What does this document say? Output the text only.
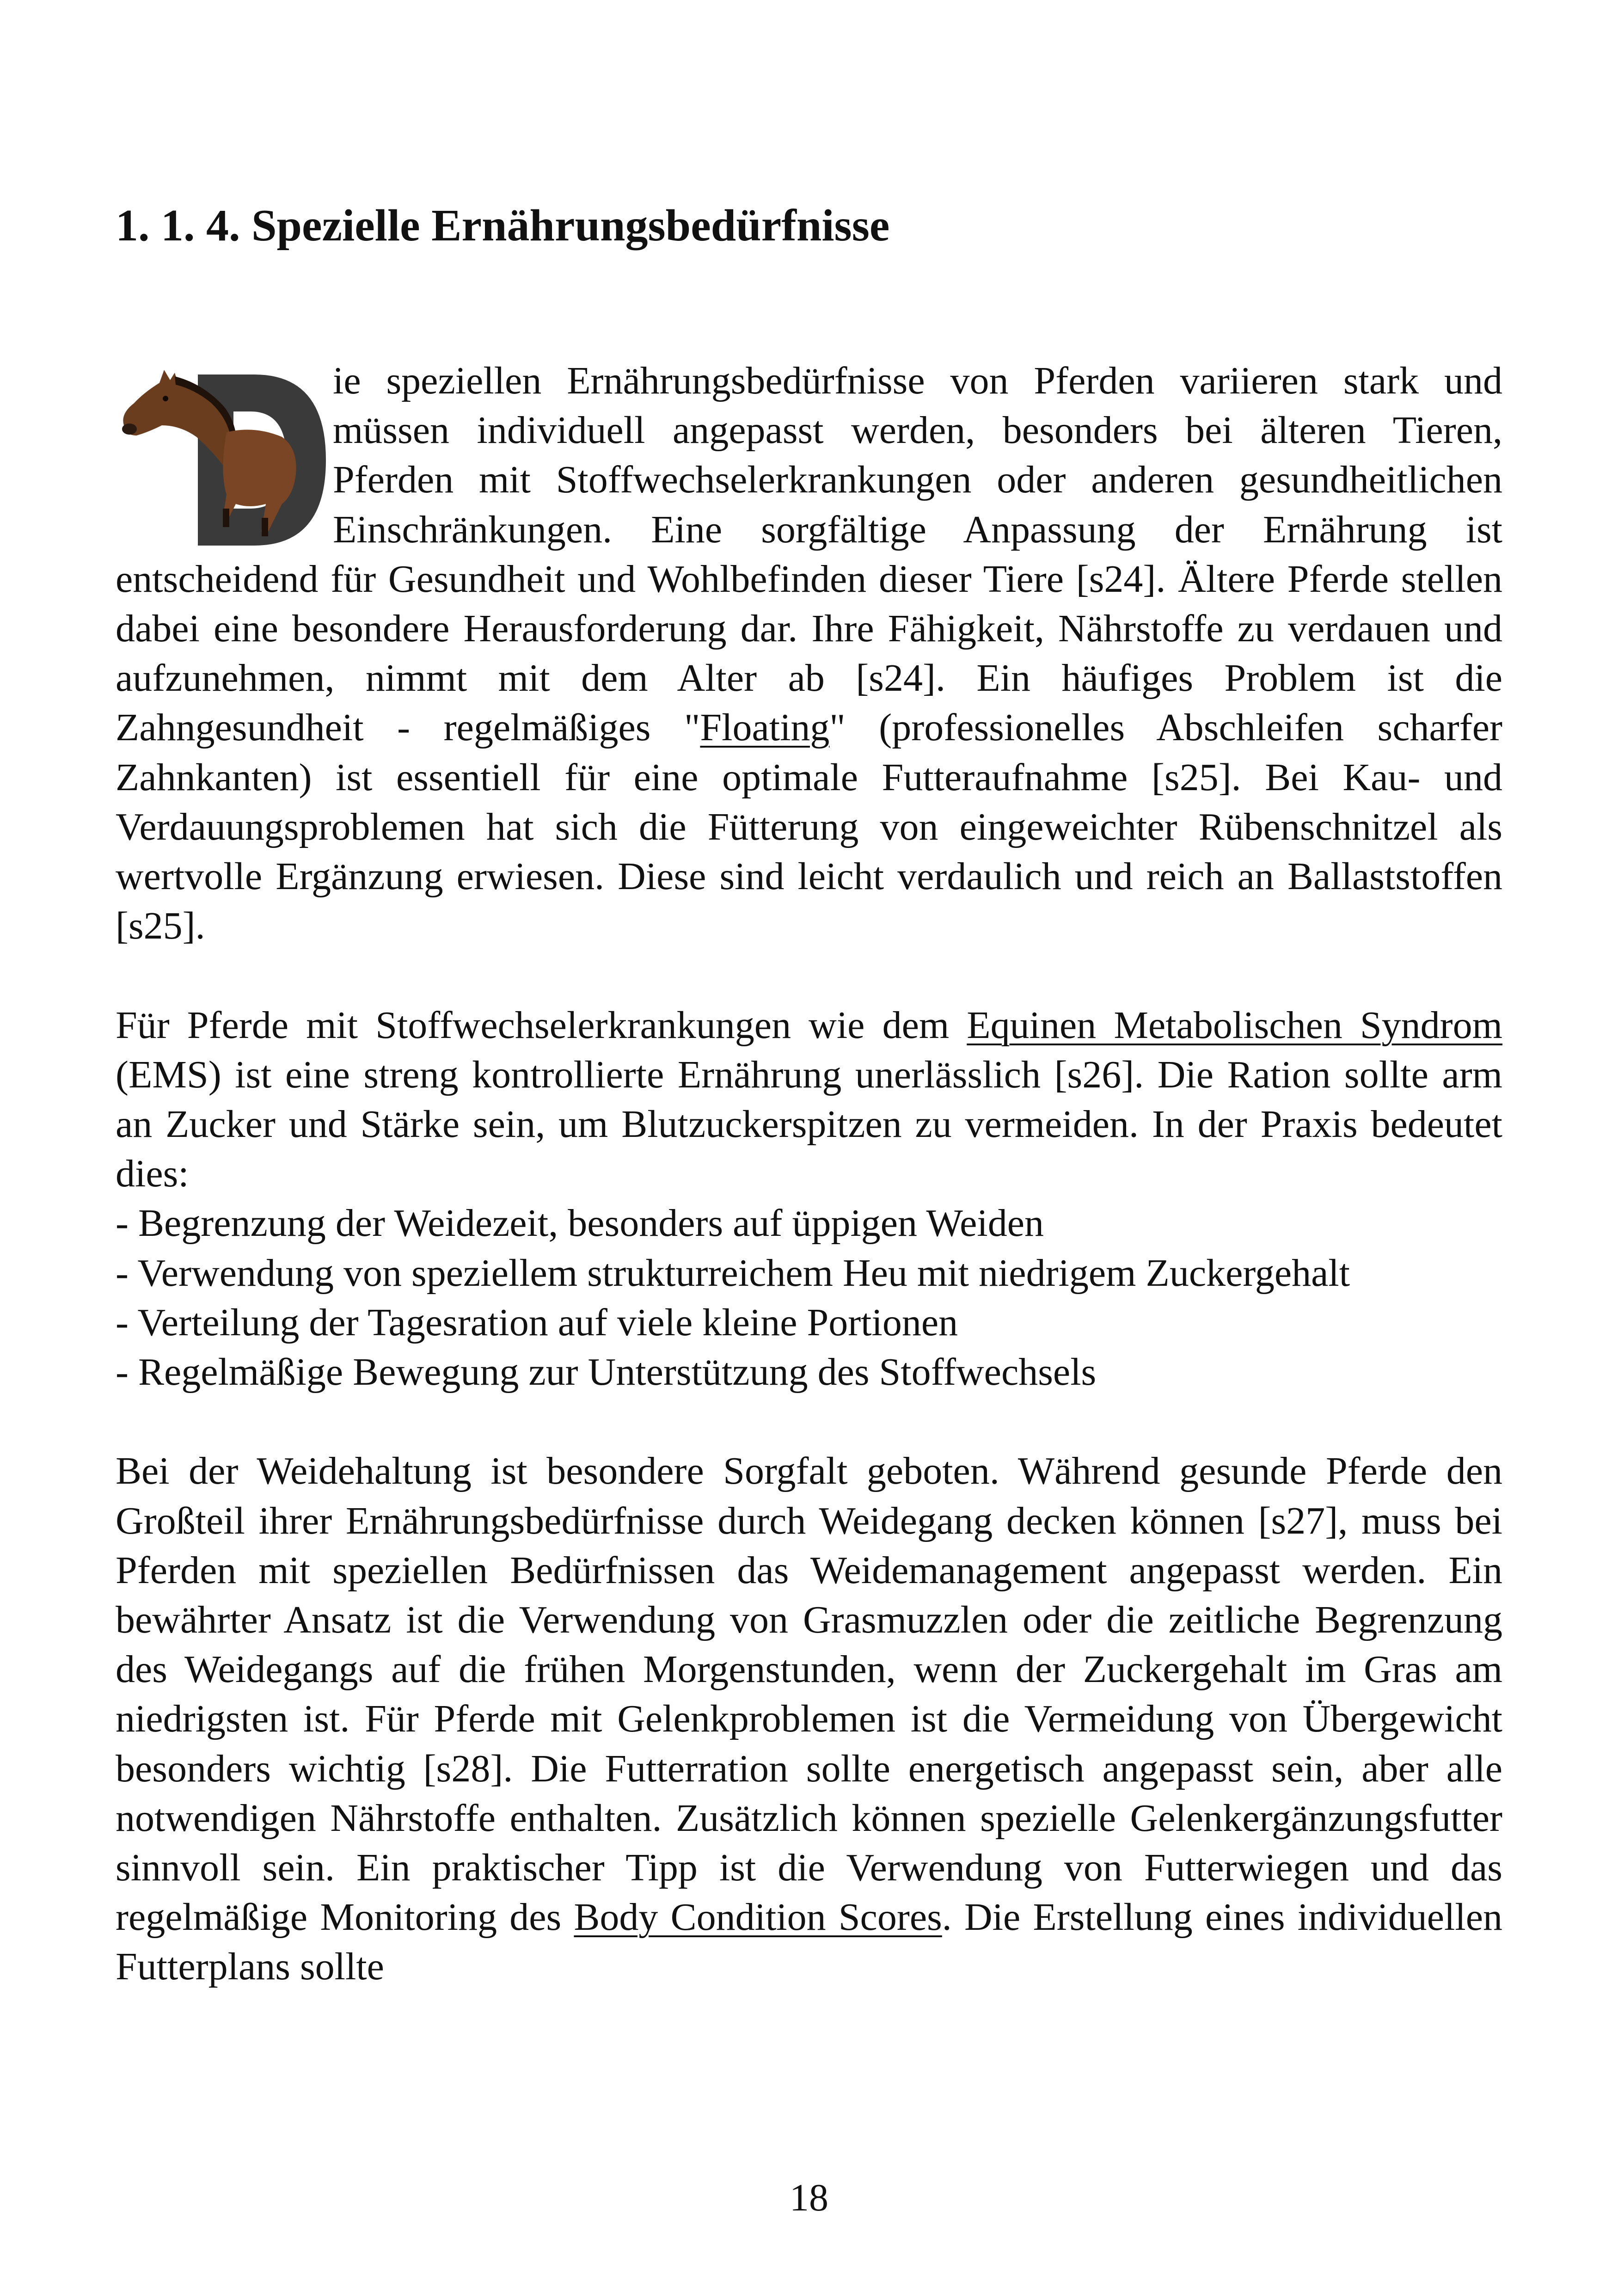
1. 1. 4. Spezielle Ernährungsbedürfnisse

ie speziellen Ernährungsbedürfnisse von Pferden variieren stark und müssen individuell angepasst werden, besonders bei älteren Tieren, Pferden mit Stoffwechselerkrankungen oder anderen gesundheitlichen Einschränkungen. Eine sorgfältige Anpassung der Ernährung ist entscheidend für Gesundheit und Wohlbefinden dieser Tiere [s24]. Ältere Pferde stellen dabei eine besondere Herausforderung dar. Ihre Fähigkeit, Nährstoffe zu verdauen und aufzunehmen, nimmt mit dem Alter ab [s24]. Ein häufiges Problem ist die Zahngesundheit - regelmäßiges "Floating" (professionelles Abschleifen scharfer Zahnkanten) ist essentiell für eine optimale Futteraufnahme [s25]. Bei Kau- und Verdauungsproblemen hat sich die Fütterung von eingeweichter Rübenschnitzel als wertvolle Ergänzung erwiesen. Diese sind leicht verdaulich und reich an Ballaststoffen [s25].

Für Pferde mit Stoffwechselerkrankungen wie dem Equinen Metabolischen Syndrom (EMS) ist eine streng kontrollierte Ernährung unerlässlich [s26]. Die Ration sollte arm an Zucker und Stärke sein, um Blutzuckerspitzen zu vermeiden. In der Praxis bedeutet dies:
- Begrenzung der Weidezeit, besonders auf üppigen Weiden
- Verwendung von speziellem strukturreichem Heu mit niedrigem Zuckergehalt
- Verteilung der Tagesration auf viele kleine Portionen
- Regelmäßige Bewegung zur Unterstützung des Stoffwechsels

Bei der Weidehaltung ist besondere Sorgfalt geboten. Während gesunde Pferde den Großteil ihrer Ernährungsbedürfnisse durch Weidegang decken können [s27], muss bei Pferden mit speziellen Bedürfnissen das Weidemanagement angepasst werden. Ein bewährter Ansatz ist die Verwendung von Grasmuzzlen oder die zeitliche Begrenzung des Weidegangs auf die frühen Morgenstunden, wenn der Zuckergehalt im Gras am niedrigsten ist. Für Pferde mit Gelenkproblemen ist die Vermeidung von Übergewicht besonders wichtig [s28]. Die Futterration sollte energetisch angepasst sein, aber alle notwendigen Nährstoffe enthalten. Zusätzlich können spezielle Gelenkergänzungsfutter sinnvoll sein. Ein praktischer Tipp ist die Verwendung von Futterwiegen und das regelmäßige Monitoring des Body Condition Scores. Die Erstellung eines individuellen Futterplans sollte

18
